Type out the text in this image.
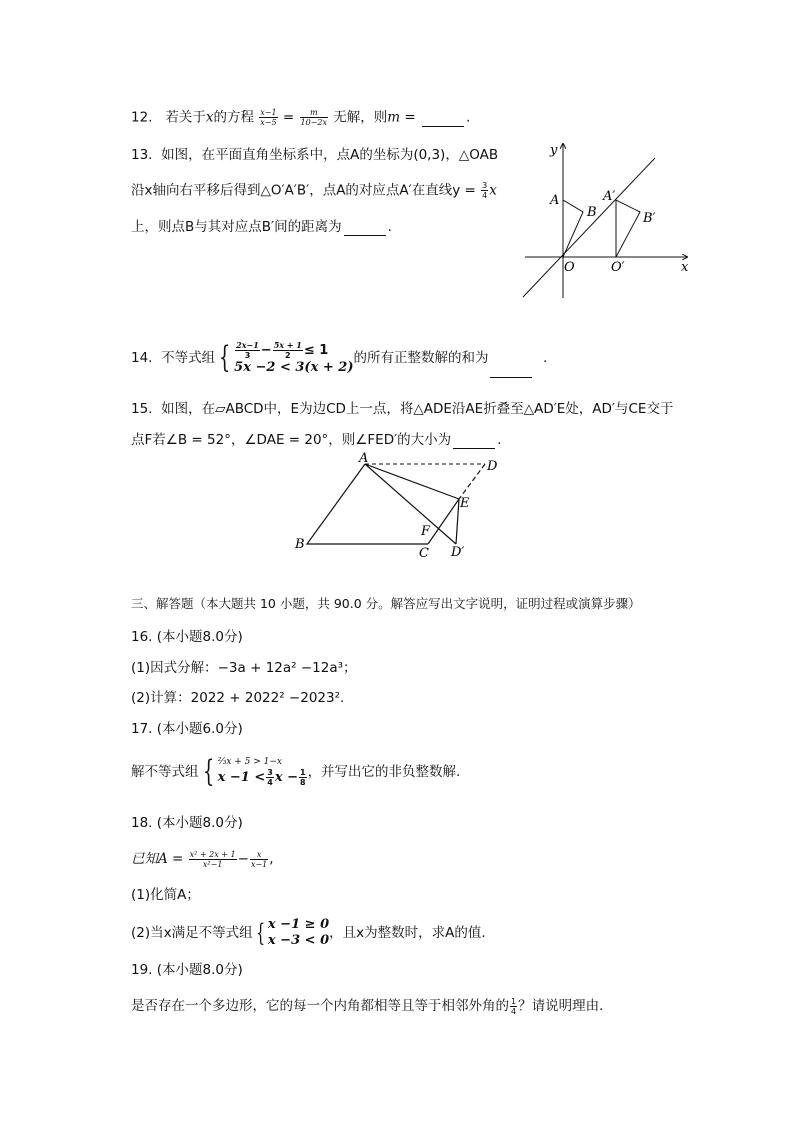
12. 若关于x的方程 $\frac{x-1}{x-5} = \frac{m}{10-2x}$ 无解，则m =	.
13. 如图，在平面直角坐标系中，点A的坐标为(0,3)，△OAB
沿x轴向右平移后得到△O′A′B′，点A的对应点A′在直线$y = \frac{3}{4}$ x
上，则点B与其对应点B′间的距离为	.
y
x
A
B
O
A′
B′
O′
14. 不等式组 { $\frac{2x-1}{3} - \frac{5x + 1}{2} \le 1$
5x −2 < 3(x + 2)
的所有正整数解的和为	.
15. 如图，在▱ABCD中，E为边CD上一点，将△ADE沿AE折叠至△AD′E处，AD′与CE交于
点F若∠B = 52°，∠DAE = 20°，则∠FED′的大小为	.
A
D
E
F
B
C D′
三、解答题（本大题共 10 小题，共 90.0 分。解答应写出文字说明，证明过程或演算步骤）
16. (本小题8.0分)
(1)因式分解：−3a + 12a² −12a³；
(2)计算：2022 + 2022² −2023².
17. (本小题6.0分)
解不等式组 { ⅔x + 5 > 1−x
$x -1 < \frac{3}{4}$ $x - \frac{1}{8}$ ，并写出它的非负整数解.
18. (本小题8.0分)
已知$A = \frac{\text{x² + 2x + 1}}{\text{x²−1}} - \frac{x}{x-1}$ ,
(1)化简A；
(2)当x满足不等式组 { x −1 ≥ 0
x −3 < 0 ，且x为整数时，求A的值.
19. (本小题8.0分)
是否存在一个多边形，它的每一个内角都相等且等于相邻外角的 $\frac{1}{4}$ ？请说明理由.
